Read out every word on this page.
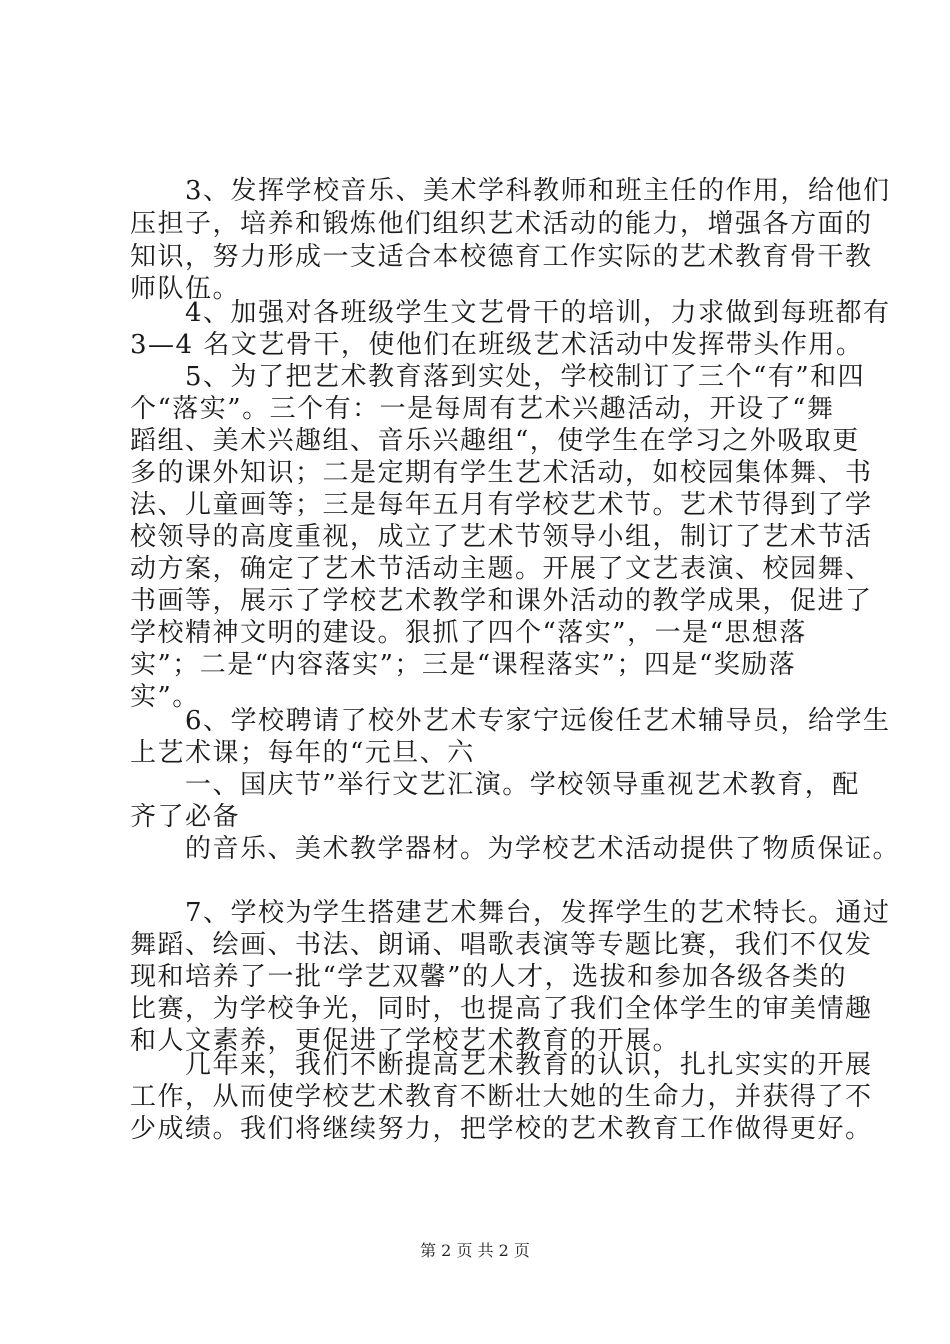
　　3、发挥学校音乐、美术学科教师和班主任的作用，给他们
压担子，培养和锻炼他们组织艺术活动的能力，增强各方面的
知识，努力形成一支适合本校德育工作实际的艺术教育骨干教
师队伍。
　　4、加强对各班级学生文艺骨干的培训，力求做到每班都有
3—4 名文艺骨干，使他们在班级艺术活动中发挥带头作用。
　　5、为了把艺术教育落到实处，学校制订了三个“有”和四
个“落实”。三个有：一是每周有艺术兴趣活动，开设了“舞
蹈组、美术兴趣组、音乐兴趣组“，使学生在学习之外吸取更
多的课外知识；二是定期有学生艺术活动，如校园集体舞、书
法、儿童画等；三是每年五月有学校艺术节。艺术节得到了学
校领导的高度重视，成立了艺术节领导小组，制订了艺术节活
动方案，确定了艺术节活动主题。开展了文艺表演、校园舞、
书画等，展示了学校艺术教学和课外活动的教学成果，促进了
学校精神文明的建设。狠抓了四个“落实”，一是“思想落
实”；二是“内容落实”；三是“课程落实”；四是“奖励落
实”。
　　6、学校聘请了校外艺术专家宁远俊任艺术辅导员，给学生
上艺术课；每年的“元旦、六
　　一、国庆节”举行文艺汇演。学校领导重视艺术教育，配
齐了必备
　　的音乐、美术教学器材。为学校艺术活动提供了物质保证。
　　7、学校为学生搭建艺术舞台，发挥学生的艺术特长。通过
舞蹈、绘画、书法、朗诵、唱歌表演等专题比赛，我们不仅发
现和培养了一批“学艺双馨”的人才，选拔和参加各级各类的
比赛，为学校争光，同时，也提高了我们全体学生的审美情趣
和人文素养，更促进了学校艺术教育的开展。
　　几年来，我们不断提高艺术教育的认识，扎扎实实的开展
工作，从而使学校艺术教育不断壮大她的生命力，并获得了不
少成绩。我们将继续努力，把学校的艺术教育工作做得更好。
第 2 页 共 2 页
